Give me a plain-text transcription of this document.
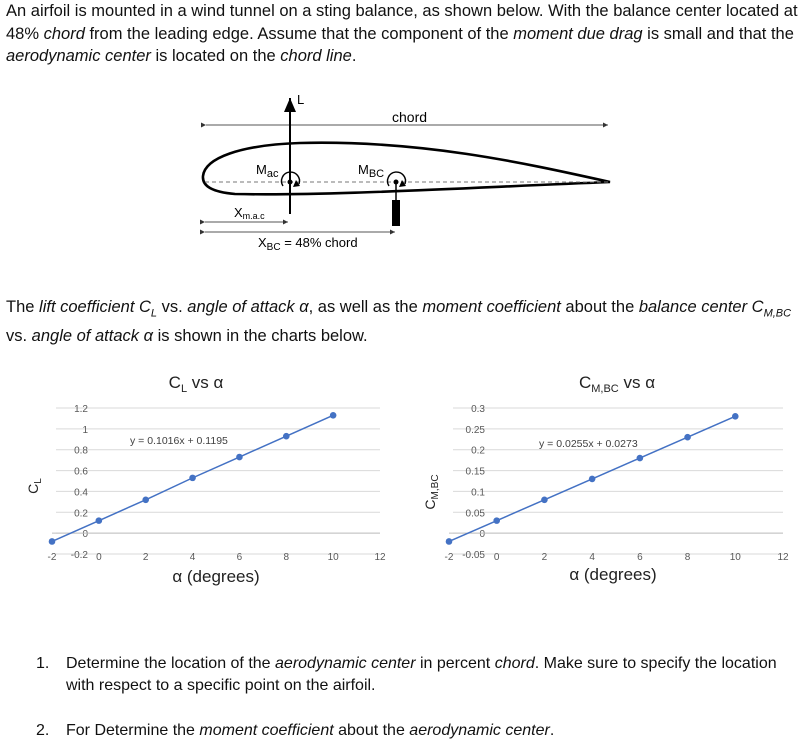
An airfoil is mounted in a wind tunnel on a sting balance, as shown below. With the balance center located at 48% chord from the leading edge. Assume that the component of the moment due drag is small and that the aerodynamic center is located on the chord line.
chord
L
$M_{ac}$	$M_{BC}$
Xm.a.c
$X_{BC} = 48\%$ chord
The lift coefficient $C_L$ vs. angle of attack α, as well as the moment coefficient about the balance center $C_{M,BC}$ vs. angle of attack α is shown in the charts below.
$C_L$ vs α
-0.2
0
0.2
0.4
0.6
0.8
1
1.2
-2	0	2	4	6	8	10	12
y = 0.1016x + 0.1195
α (degrees)
$C_L$
$C_{M,BC}$ vs α
-0.05
0
0.05
0.1
0.15
0.2
0.25
0.3
-2	0	2	4	6	8	10	12
y = 0.0255x + 0.0273
α (degrees)
$C_{M,BC}$
1. Determine the location of the aerodynamic center in percent chord. Make sure to specify the location with respect to a specific point on the airfoil.
2. For Determine the moment coefficient about the aerodynamic center.
